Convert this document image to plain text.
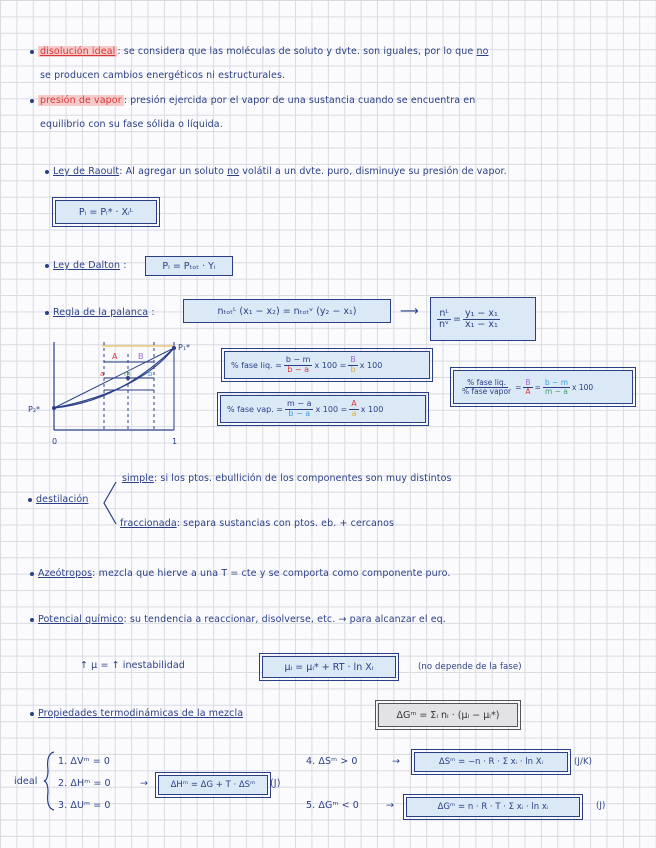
disolución ideal : se considera que las moléculas de soluto y dvte. son iguales, por lo que no
se producen cambios energéticos ni estructurales.
presión de vapor : presión ejercida por el vapor de una sustancia cuando se encuentra en
equilibrio con su fase sólida o líquida.
Ley de Raoult: Al agregar un soluto no volátil a un dvte. puro, disminuye su presión de vapor.
Pᵢ = Pᵢ* · Xᵢᴸ
Ley de Dalton :	Pᵢ = Pₜₒₜ · Yᵢ
Regla de la palanca :	nₜₒₜᴸ (x₁ − x₂) = nₜₒₜᵛ (y₂ − x₁)	⟶ $\frac{\text{nᴸ}}{\text{nᵛ}} = \frac{\text{y₁ − x₁}}{\text{x₁ − x₁}}$
P₂*
P₁*
0	1
A	B
a	b
m
% fase liq. = $\frac{b - m}{b - a}$ x $100 = \frac{B}{b}$ x 100
% fase vap. = $\frac{m - a}{b - a}$ x $100 = \frac{A}{a}$ x 100
$\frac{\text{\% fase liq.}}{\text{\% fase vapor}} = \frac{B}{A} = \frac{b - m}{m - a}$ x 100
destilación
simple: si los ptos. ebullición de los componentes son muy distintos
fraccionada: separa sustancias con ptos. eb. + cercanos
Azeótropos: mezcla que hierve a una T = cte y se comporta como componente puro.
Potencial químico: su tendencia a reaccionar, disolverse, etc. → para alcanzar el eq.
↑ μ = ↑ inestabilidad	μᵢ = μᵢ* + RT · ln Xᵢ	(no depende de la fase)
Propiedades termodinámicas de la mezcla	ΔGᵐ = Σᵢ nᵢ · (μᵢ − μᵢ*)
ideal
1. ΔVᵐ = 0
2. ΔHᵐ = 0	→	ΔHᵐ = ΔG + T · ΔSᵐ	(J)
3. ΔUᵐ = 0
4. ΔSᵐ > 0	→	ΔSᵐ = −n · R · Σ xᵢ · ln Xᵢ	(J/K)
5. ΔGᵐ < 0	→	ΔGᵐ = n · R · T · Σ xᵢ · ln xᵢ	(J)
